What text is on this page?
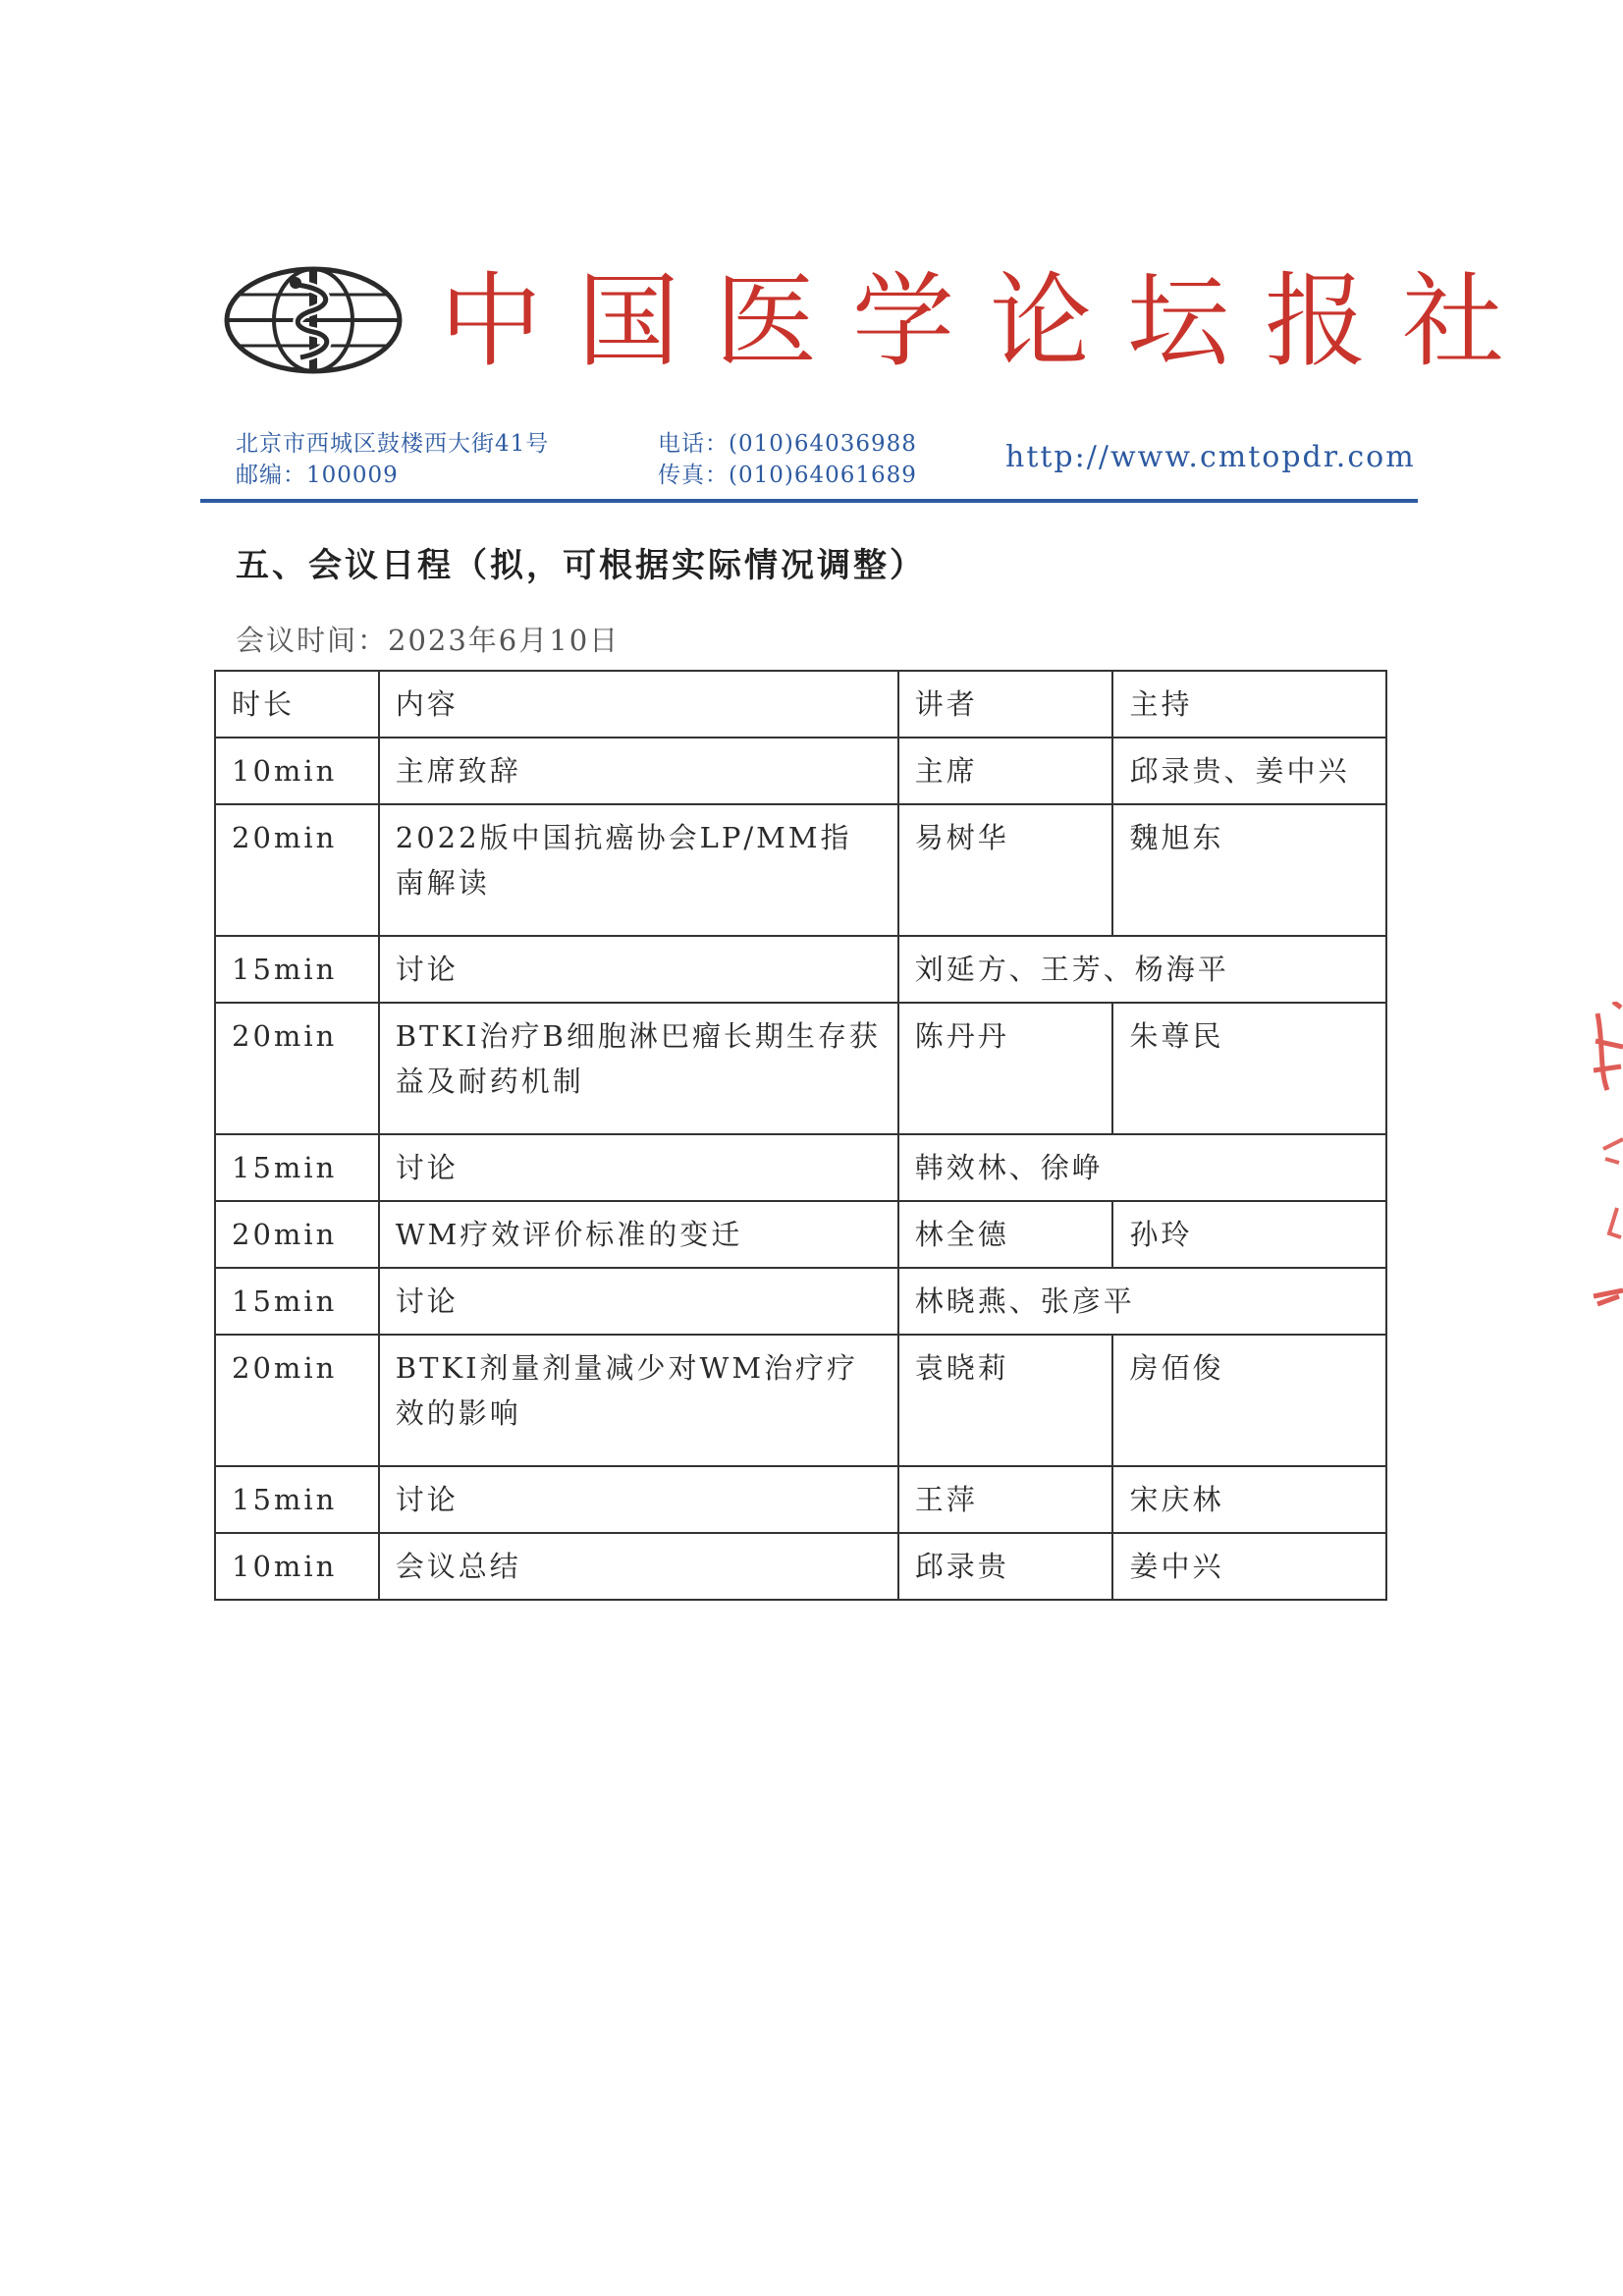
中国医学论坛报社
北京市西城区鼓楼西大街41号
邮编：100009
电话：(010)64036988
传真：(010)64061689
http://www.cmtopdr.com
五、会议日程（拟，可根据实际情况调整）
会议时间：2023年6月10日
时长	内容	讲者	主持
10min	主席致辞	主席	邱录贵、姜中兴
20min	2022版中国抗癌协会LP/MM指南解读	易树华	魏旭东
15min	讨论	刘延方、王芳、杨海平	
20min	BTKI治疗B细胞淋巴瘤长期生存获益及耐药机制	陈丹丹	朱尊民
15min	讨论	韩效林、徐峥	
20min	WM疗效评价标准的变迁	林全德	孙玲
15min	讨论	林晓燕、张彦平	
20min	BTKI剂量剂量减少对WM治疗疗效的影响	袁晓莉	房佰俊
15min	讨论	王萍	宋庆林
10min	会议总结	邱录贵	姜中兴
